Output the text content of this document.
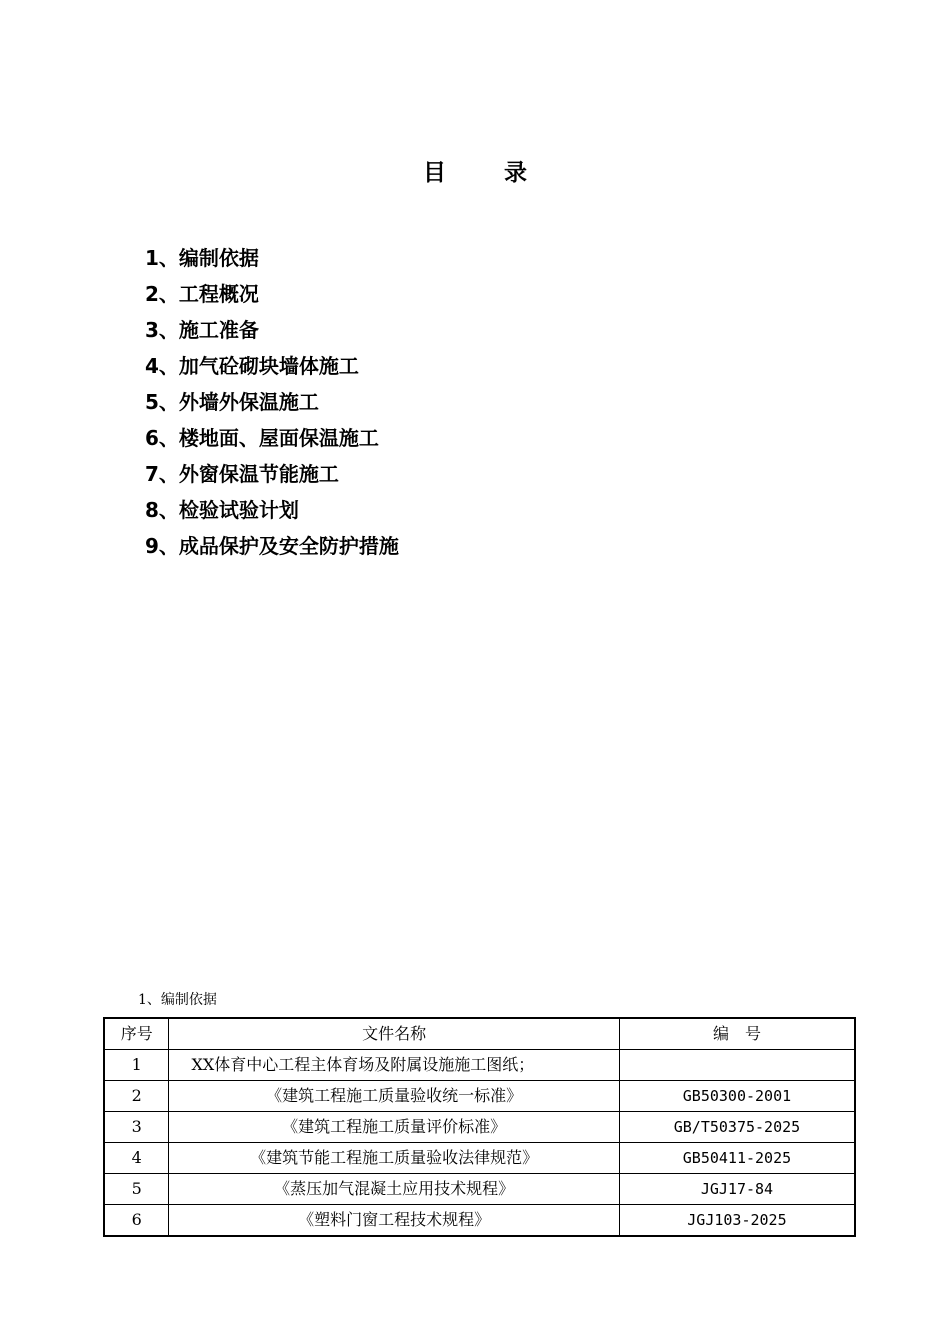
目	录
1、编制依据
2、工程概况
3、施工准备
4、加气砼砌块墙体施工
5、外墙外保温施工
6、楼地面、屋面保温施工
7、外窗保温节能施工
8、检验试验计划
9、成品保护及安全防护措施
1、编制依据
序号	文件名称	编　号
1	XX体育中心工程主体育场及附属设施施工图纸；	
2	《建筑工程施工质量验收统一标准》	GB50300-2001
3	《建筑工程施工质量评价标准》	GB/T50375-2025
4	《建筑节能工程施工质量验收法律规范》	GB50411-2025
5	《蒸压加气混凝土应用技术规程》	JGJ17-84
6	《塑料门窗工程技术规程》	JGJ103-2025
